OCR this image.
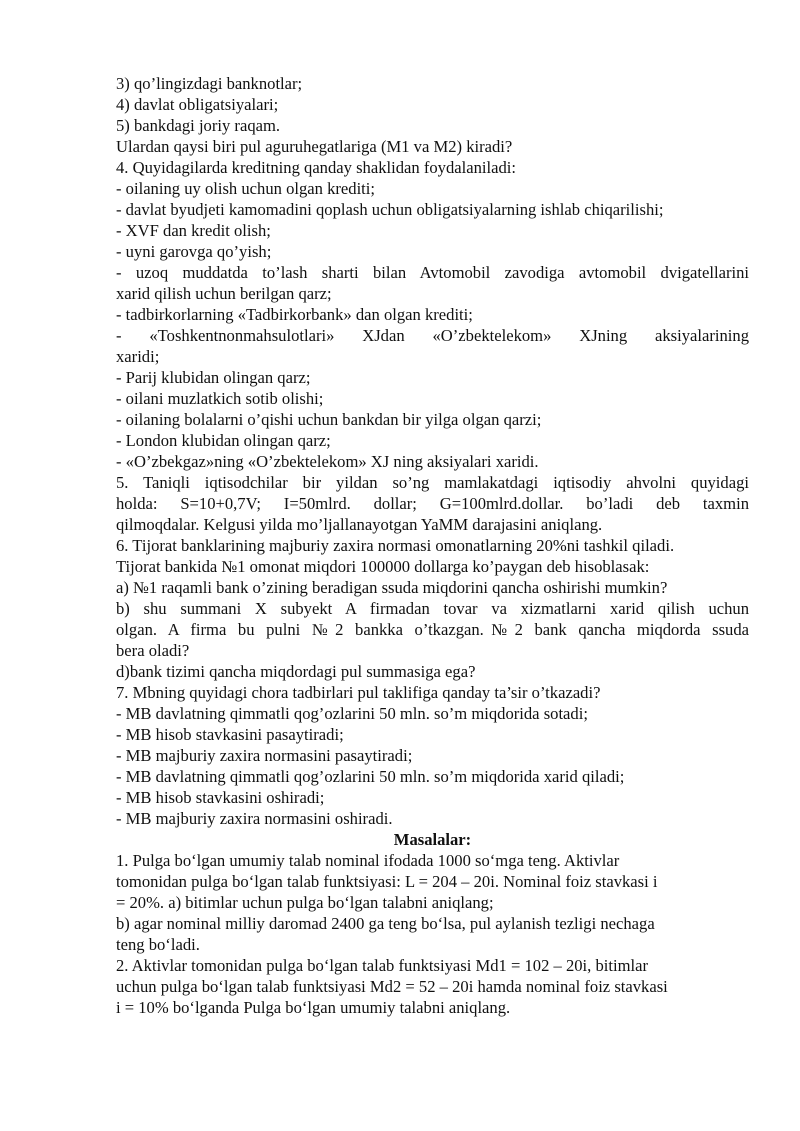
3) qo’lingizdagi banknotlar;
4) davlat obligatsiyalari;
5) bankdagi joriy raqam.
Ulardan qaysi biri pul aguruhegatlariga (M1 va M2) kiradi?
4. Quyidagilarda kreditning qanday shaklidan foydalaniladi:
- oilaning uy olish uchun olgan krediti;
- davlat byudjeti kamomadini qoplash uchun obligatsiyalarning ishlab chiqarilishi;
- XVF dan kredit olish;
- uyni garovga qo’yish;
- uzoq muddatda to’lash sharti bilan Avtomobil zavodiga avtomobil dvigatellarini
xarid qilish uchun berilgan qarz;
- tadbirkorlarning «Tadbirkorbank» dan olgan krediti;
- «Toshkentnonmahsulotlari» XJdan «O’zbektelekom» XJning aksiyalarining
xaridi;
- Parij klubidan olingan qarz;
- oilani muzlatkich sotib olishi;
- oilaning bolalarni o’qishi uchun bankdan bir yilga olgan qarzi;
- London klubidan olingan qarz;
- «O’zbekgaz»ning «O’zbektelekom» XJ ning aksiyalari xaridi.
5. Taniqli iqtisodchilar bir yildan so’ng mamlakatdagi iqtisodiy ahvolni quyidagi
holda: S=10+0,7V; I=50mlrd. dollar; G=100mlrd.dollar. bo’ladi deb taxmin
qilmoqdalar. Kelgusi yilda mo’ljallanayotgan YaMM darajasini aniqlang.
6. Tijorat banklarining majburiy zaxira normasi omonatlarning 20%ni tashkil qiladi.
Tijorat bankida №1 omonat miqdori 100000 dollarga ko’paygan deb hisoblasak:
a) №1 raqamli bank o’zining beradigan ssuda miqdorini qancha oshirishi mumkin?
b) shu summani X subyekt A firmadan tovar va xizmatlarni xarid qilish uchun
olgan. A firma bu pulni №2 bankka o’tkazgan.№2 bank qancha miqdorda ssuda
bera oladi?
d)bank tizimi qancha miqdordagi pul summasiga ega?
7. Mbning quyidagi chora tadbirlari pul taklifiga qanday ta’sir o’tkazadi?
- MB davlatning qimmatli qog’ozlarini 50 mln. so’m miqdorida sotadi;
- MB hisob stavkasini pasaytiradi;
- MB majburiy zaxira normasini pasaytiradi;
- MB davlatning qimmatli qog’ozlarini 50 mln. so’m miqdorida xarid qiladi;
- MB hisob stavkasini oshiradi;
- MB majburiy zaxira normasini oshiradi.
Masalalar:
1. Pulga bo‘lgan umumiy talab nominal ifodada 1000 so‘mga teng. Aktivlar
tomonidan pulga bo‘lgan talab funktsiyasi: L = 204 – 20i. Nominal foiz stavkasi i
= 20%. a) bitimlar uchun pulga bo‘lgan talabni aniqlang;
b) agar nominal milliy daromad 2400 ga teng bo‘lsa, pul aylanish tezligi nechaga
teng bo‘ladi.
2. Aktivlar tomonidan pulga bo‘lgan talab funktsiyasi Md1 = 102 – 20i, bitimlar
uchun pulga bo‘lgan talab funktsiyasi Md2 = 52 – 20i hamda nominal foiz stavkasi
i = 10% bo‘lganda Pulga bo‘lgan umumiy talabni aniqlang.
